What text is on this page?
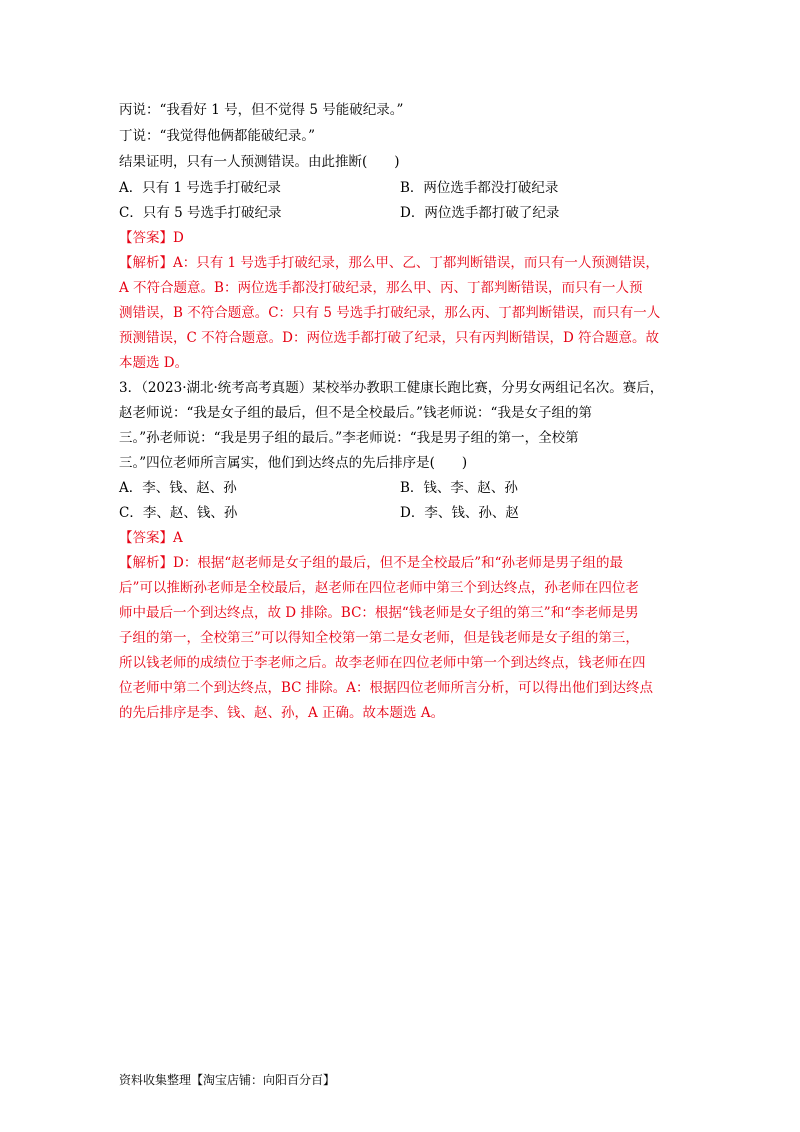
丙说：“我看好 1 号，但不觉得 5 号能破纪录。”
丁说：“我觉得他俩都能破纪录。”
结果证明，只有一人预测错误。由此推断(　　)
A．只有 1 号选手打破纪录	B．两位选手都没打破纪录
C．只有 5 号选手打破纪录	D．两位选手都打破了纪录
【答案】D
【解析】A：只有 1 号选手打破纪录，那么甲、乙、丁都判断错误，而只有一人预测错误，
A 不符合题意。B：两位选手都没打破纪录，那么甲、丙、丁都判断错误，而只有一人预
测错误，B 不符合题意。C：只有 5 号选手打破纪录，那么丙、丁都判断错误，而只有一人
预测错误，C 不符合题意。D：两位选手都打破了纪录，只有丙判断错误，D 符合题意。故
本题选 D。
3．（2023·湖北·统考高考真题）某校举办教职工健康长跑比赛，分男女两组记名次。赛后，
赵老师说：“我是女子组的最后，但不是全校最后。”钱老师说：“我是女子组的第
三。”孙老师说：“我是男子组的最后。”李老师说：“我是男子组的第一，全校第
三。”四位老师所言属实，他们到达终点的先后排序是(　　)
A．李、钱、赵、孙	B．钱、李、赵、孙
C．李、赵、钱、孙	D．李、钱、孙、赵
【答案】A
【解析】D：根据“赵老师是女子组的最后，但不是全校最后”和“孙老师是男子组的最
后”可以推断孙老师是全校最后，赵老师在四位老师中第三个到达终点，孙老师在四位老
师中最后一个到达终点，故 D 排除。BC：根据“钱老师是女子组的第三”和“李老师是男
子组的第一，全校第三”可以得知全校第一第二是女老师，但是钱老师是女子组的第三，
所以钱老师的成绩位于李老师之后。故李老师在四位老师中第一个到达终点，钱老师在四
位老师中第二个到达终点，BC 排除。A：根据四位老师所言分析，可以得出他们到达终点
的先后排序是李、钱、赵、孙，A 正确。故本题选 A。
资料收集整理【淘宝店铺：向阳百分百】
